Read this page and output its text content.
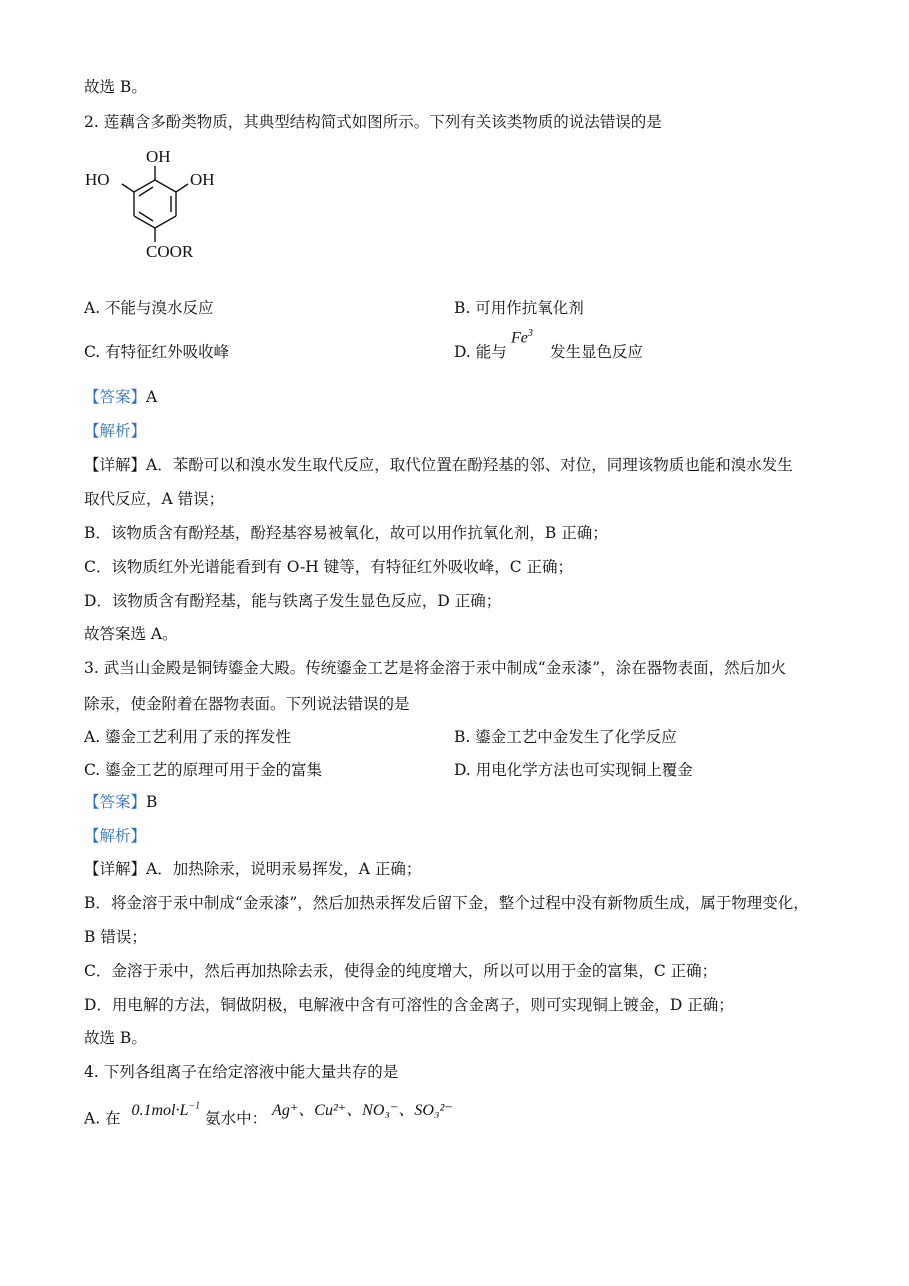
故选 B。
2. 莲藕含多酚类物质，其典型结构简式如图所示。下列有关该类物质的说法错误的是
OH
HO	OH
COOR
A. 不能与溴水反应	B. 可用作抗氧化剂
C. 有特征红外吸收峰	D. 能与
Fe$^3$
发生显色反应
【答案】A
【解析】
【详解】A．苯酚可以和溴水发生取代反应，取代位置在酚羟基的邻、对位，同理该物质也能和溴水发生
取代反应，A 错误；
B．该物质含有酚羟基，酚羟基容易被氧化，故可以用作抗氧化剂，B 正确；
C．该物质红外光谱能看到有 O-H 键等，有特征红外吸收峰，C 正确；
D．该物质含有酚羟基，能与铁离子发生显色反应，D 正确；
故答案选 A。
3. 武当山金殿是铜铸鎏金大殿。传统鎏金工艺是将金溶于汞中制成“金汞漆”，涂在器物表面，然后加火
除汞，使金附着在器物表面。下列说法错误的是
A. 鎏金工艺利用了汞的挥发性	B. 鎏金工艺中金发生了化学反应
C. 鎏金工艺的原理可用于金的富集	D. 用电化学方法也可实现铜上覆金
【答案】B
【解析】
【详解】A．加热除汞，说明汞易挥发，A 正确；
B．将金溶于汞中制成“金汞漆”，然后加热汞挥发后留下金，整个过程中没有新物质生成，属于物理变化，
B 错误；
C．金溶于汞中，然后再加热除去汞，使得金的纯度增大，所以可以用于金的富集，C 正确；
D．用电解的方法，铜做阴极，电解液中含有可溶性的含金离子，则可实现铜上镀金，D 正确；
故选 B。
4. 下列各组离子在给定溶液中能大量共存的是
A. 在 $0.1mol\cdot L^{-1}$ 氨水中： Ag⁺、Cu²⁺、NO₃⁻、SO₃²⁻
